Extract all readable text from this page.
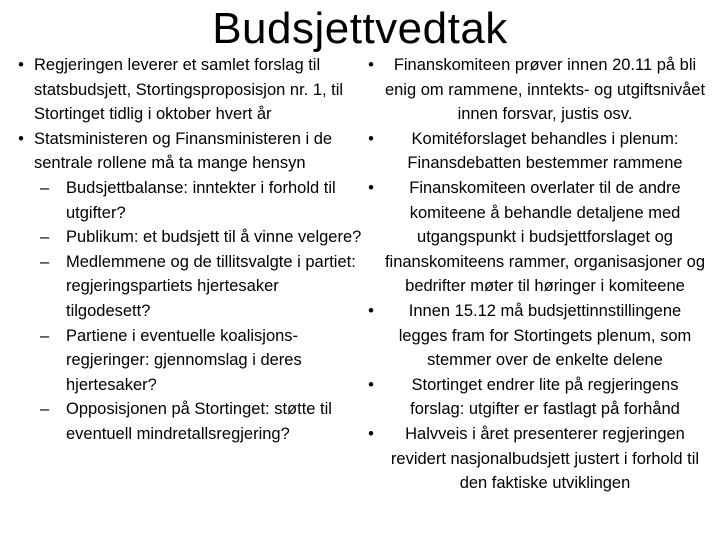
Budsjettvedtak
• Regjeringen leverer et samlet forslag til statsbudsjett, Stortingsproposisjon nr. 1, til Stortinget tidlig i oktober hvert år
• Statsministeren og Finansministeren i de sentrale rollene må ta mange hensyn
– Budsjettbalanse: inntekter i forhold til utgifter?
– Publikum: et budsjett til å vinne velgere?
– Medlemmene og de tillitsvalgte i partiet: regjeringspartiets hjertesaker tilgodesett?
– Partiene i eventuelle koalisjons-regjeringer: gjennomslag i deres hjertesaker?
– Opposisjonen på Stortinget: støtte til eventuell mindretallsregjering?
•	Finanskomiteen prøver innen 20.11 på bli enig om rammene, inntekts- og utgiftsnivået innen forsvar, justis osv.
•	Komitéforslaget behandles i plenum: Finansdebatten bestemmer rammene
•	Finanskomiteen overlater til de andre komiteene å behandle detaljene med utgangspunkt i budsjettforslaget og finanskomiteens rammer, organisasjoner og bedrifter møter til høringer i komiteene
•	Innen 15.12 må budsjettinnstillingene legges fram for Stortingets plenum, som stemmer over de enkelte delene
•	Stortinget endrer lite på regjeringens forslag: utgifter er fastlagt på forhånd
•	Halvveis i året presenterer regjeringen revidert nasjonalbudsjett justert i forhold til den faktiske utviklingen
